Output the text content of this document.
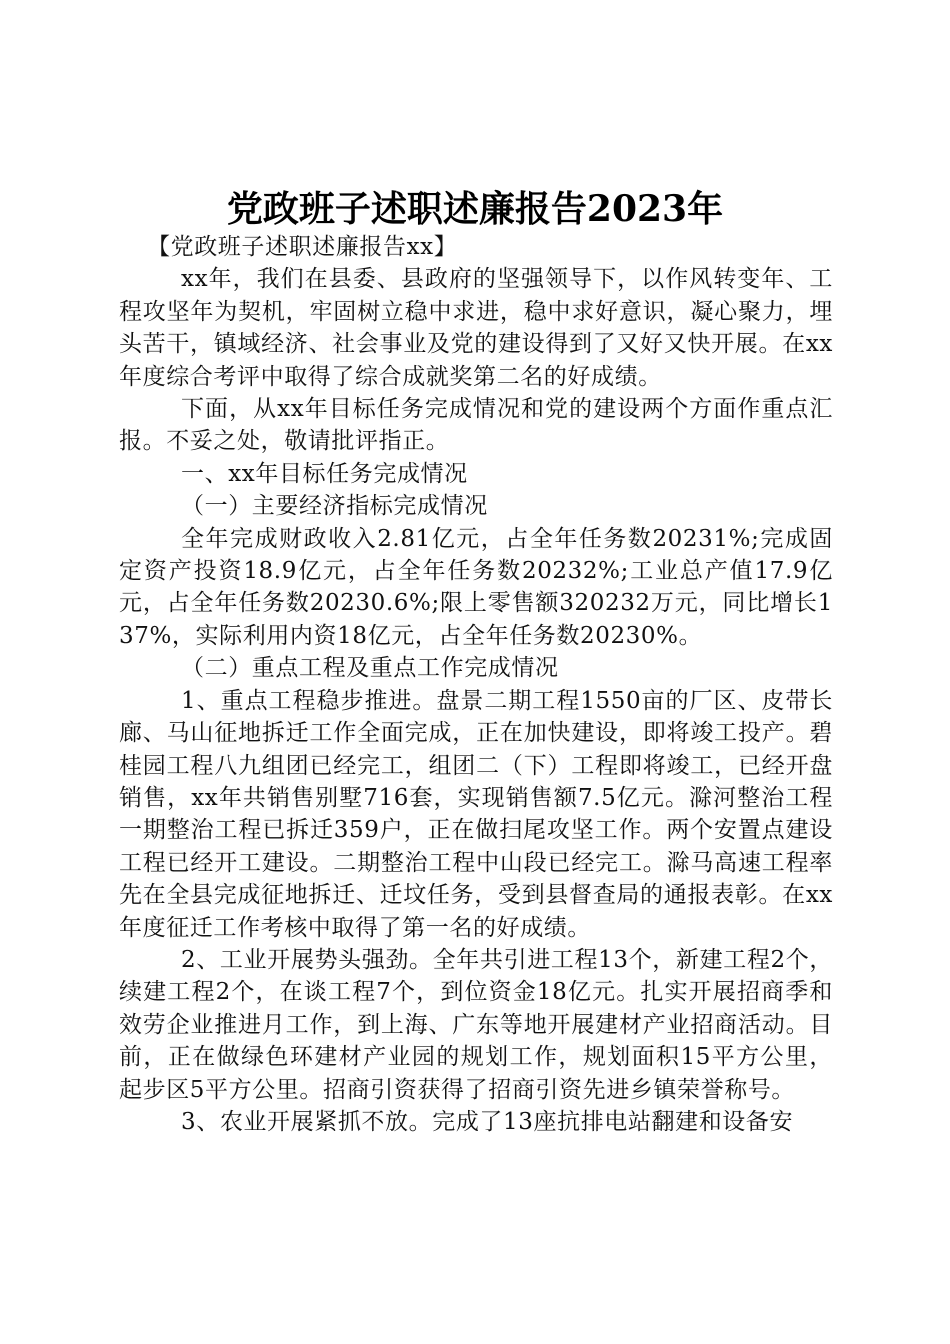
党政班子述职述廉报告2023年

【党政班子述职述廉报告xx】

xx年，我们在县委、县政府的坚强领导下，以作风转变年、工程攻坚年为契机，牢固树立稳中求进，稳中求好意识，凝心聚力，埋头苦干，镇域经济、社会事业及党的建设得到了又好又快开展。在xx年度综合考评中取得了综合成就奖第二名的好成绩。

下面，从xx年目标任务完成情况和党的建设两个方面作重点汇报。不妥之处，敬请批评指正。

一、xx年目标任务完成情况

（一）主要经济指标完成情况

全年完成财政收入2.81亿元，占全年任务数20231%;完成固定资产投资18.9亿元，占全年任务数20232%;工业总产值17.9亿元，占全年任务数20230.6%;限上零售额320232万元，同比增长137%，实际利用内资18亿元，占全年任务数20230%。

（二）重点工程及重点工作完成情况

1、重点工程稳步推进。盘景二期工程1550亩的厂区、皮带长廊、马山征地拆迁工作全面完成，正在加快建设，即将竣工投产。碧桂园工程八九组团已经完工，组团二（下）工程即将竣工，已经开盘销售，xx年共销售别墅716套，实现销售额7.5亿元。滁河整治工程一期整治工程已拆迁359户，正在做扫尾攻坚工作。两个安置点建设工程已经开工建设。二期整治工程中山段已经完工。滁马高速工程率先在全县完成征地拆迁、迁坟任务，受到县督查局的通报表彰。在xx年度征迁工作考核中取得了第一名的好成绩。

2、工业开展势头强劲。全年共引进工程13个，新建工程2个，续建工程2个，在谈工程7个，到位资金18亿元。扎实开展招商季和效劳企业推进月工作，到上海、广东等地开展建材产业招商活动。目前，正在做绿色环建材产业园的规划工作，规划面积15平方公里，起步区5平方公里。招商引资获得了招商引资先进乡镇荣誉称号。

3、农业开展紧抓不放。完成了13座抗排电站翻建和设备安
